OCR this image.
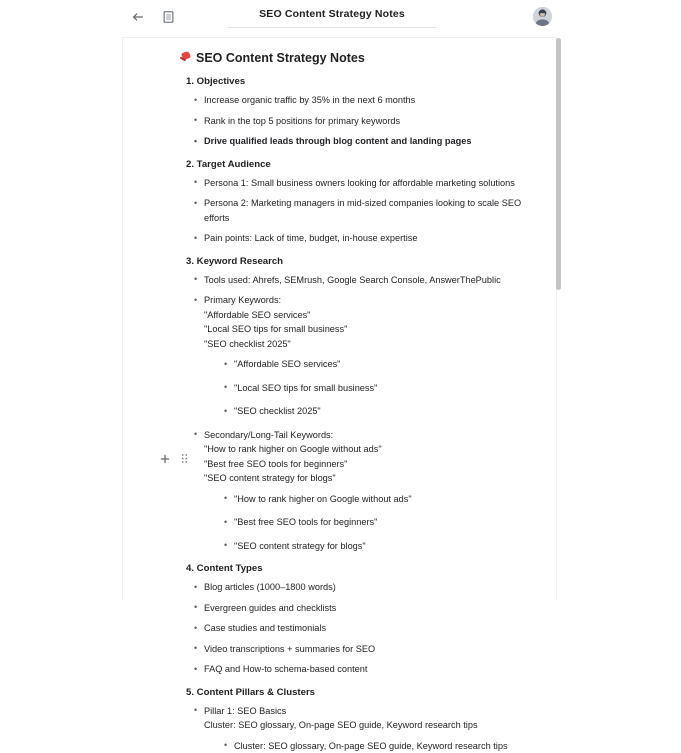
SEO Content Strategy Notes
SEO Content Strategy Notes
1. Objectives
• Increase organic traffic by 35% in the next 6 months
• Rank in the top 5 positions for primary keywords
• Drive qualified leads through blog content and landing pages
2. Target Audience
• Persona 1: Small business owners looking for affordable marketing solutions
• Persona 2: Marketing managers in mid-sized companies looking to scale SEO efforts
• Pain points: Lack of time, budget, in-house expertise
3. Keyword Research
• Tools used: Ahrefs, SEMrush, Google Search Console, AnswerThePublic
• Primary Keywords:
"Affordable SEO services"
"Local SEO tips for small business"
"SEO checklist 2025"
• "Affordable SEO services"
• "Local SEO tips for small business"
• "SEO checklist 2025"
• Secondary/Long-Tail Keywords:
"How to rank higher on Google without ads"
"Best free SEO tools for beginners"
"SEO content strategy for blogs"
• "How to rank higher on Google without ads"
• "Best free SEO tools for beginners"
• "SEO content strategy for blogs"
4. Content Types
• Blog articles (1000–1800 words)
• Evergreen guides and checklists
• Case studies and testimonials
• Video transcriptions + summaries for SEO
• FAQ and How-to schema-based content
5. Content Pillars & Clusters
• Pillar 1: SEO Basics
Cluster: SEO glossary, On-page SEO guide, Keyword research tips
• Cluster: SEO glossary, On-page SEO guide, Keyword research tips
